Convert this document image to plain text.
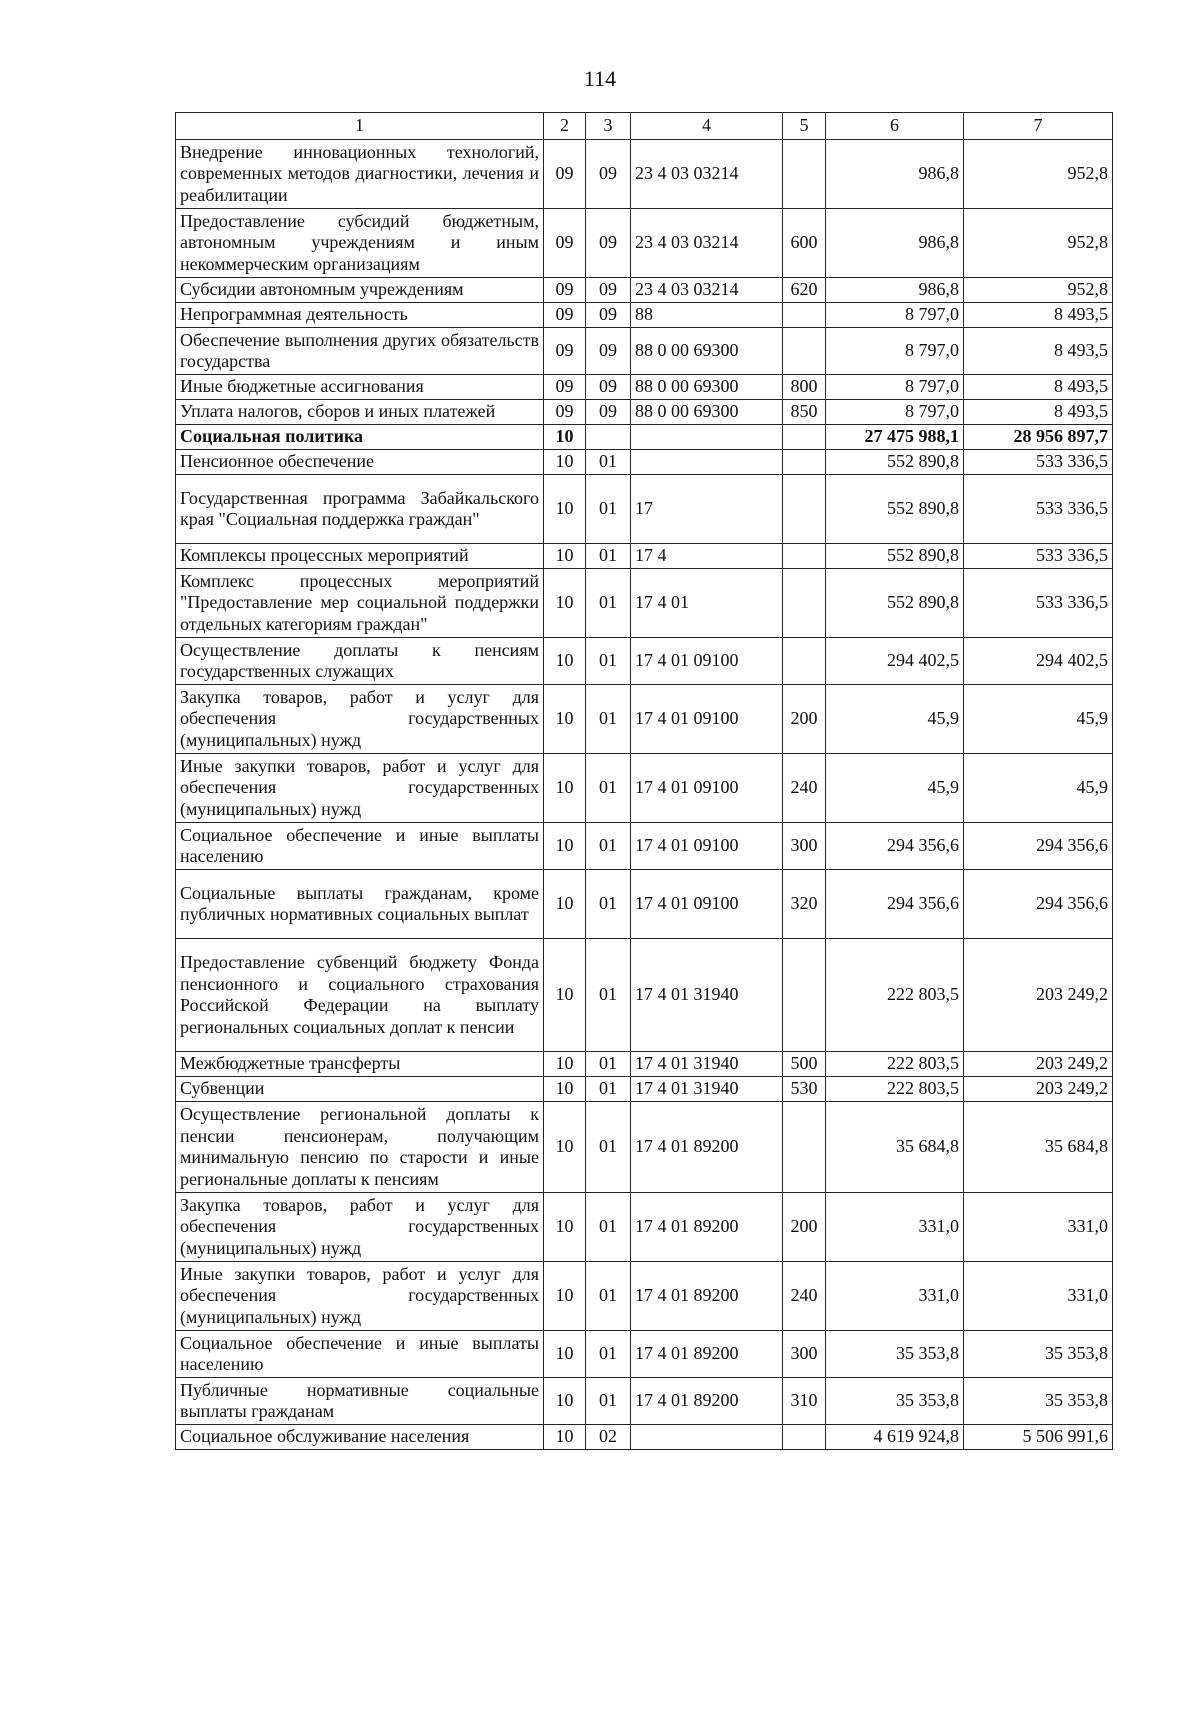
114
1	2	3	4	5	6	7
Внедрение инновационных технологий, современных методов диагностики, лечения и реабилитации	09	09	23 4 03 03214		986,8	952,8
Предоставление субсидий бюджетным, автономным учреждениям и иным некоммерческим организациям	09	09	23 4 03 03214	600	986,8	952,8
Субсидии автономным учреждениям	09	09	23 4 03 03214	620	986,8	952,8
Непрограммная деятельность	09	09	88		8 797,0	8 493,5
Обеспечение выполнения других обязательств государства	09	09	88 0 00 69300		8 797,0	8 493,5
Иные бюджетные ассигнования	09	09	88 0 00 69300	800	8 797,0	8 493,5
Уплата налогов, сборов и иных платежей	09	09	88 0 00 69300	850	8 797,0	8 493,5
Социальная политика	10				27 475 988,1	28 956 897,7
Пенсионное обеспечение	10	01			552 890,8	533 336,5
Государственная программа Забайкальского края "Социальная поддержка граждан"	10	01	17		552 890,8	533 336,5
Комплексы процессных мероприятий	10	01	17 4		552 890,8	533 336,5
Комплекс процессных мероприятий "Предоставление мер социальной поддержки отдельных категориям граждан"	10	01	17 4 01		552 890,8	533 336,5
Осуществление доплаты к пенсиям государственных служащих	10	01	17 4 01 09100		294 402,5	294 402,5
Закупка товаров, работ и услуг для обеспечения государственных (муниципальных) нужд	10	01	17 4 01 09100	200	45,9	45,9
Иные закупки товаров, работ и услуг для обеспечения государственных (муниципальных) нужд	10	01	17 4 01 09100	240	45,9	45,9
Социальное обеспечение и иные выплаты населению	10	01	17 4 01 09100	300	294 356,6	294 356,6
Социальные выплаты гражданам, кроме публичных нормативных социальных выплат	10	01	17 4 01 09100	320	294 356,6	294 356,6
Предоставление субвенций бюджету Фонда пенсионного и социального страхования Российской Федерации на выплату региональных социальных доплат к пенсии	10	01	17 4 01 31940		222 803,5	203 249,2
Межбюджетные трансферты	10	01	17 4 01 31940	500	222 803,5	203 249,2
Субвенции	10	01	17 4 01 31940	530	222 803,5	203 249,2
Осуществление региональной доплаты к пенсии пенсионерам, получающим минимальную пенсию по старости и иные региональные доплаты к пенсиям	10	01	17 4 01 89200		35 684,8	35 684,8
Закупка товаров, работ и услуг для обеспечения государственных (муниципальных) нужд	10	01	17 4 01 89200	200	331,0	331,0
Иные закупки товаров, работ и услуг для обеспечения государственных (муниципальных) нужд	10	01	17 4 01 89200	240	331,0	331,0
Социальное обеспечение и иные выплаты населению	10	01	17 4 01 89200	300	35 353,8	35 353,8
Публичные нормативные социальные выплаты гражданам	10	01	17 4 01 89200	310	35 353,8	35 353,8
Социальное обслуживание населения	10	02			4 619 924,8	5 506 991,6
